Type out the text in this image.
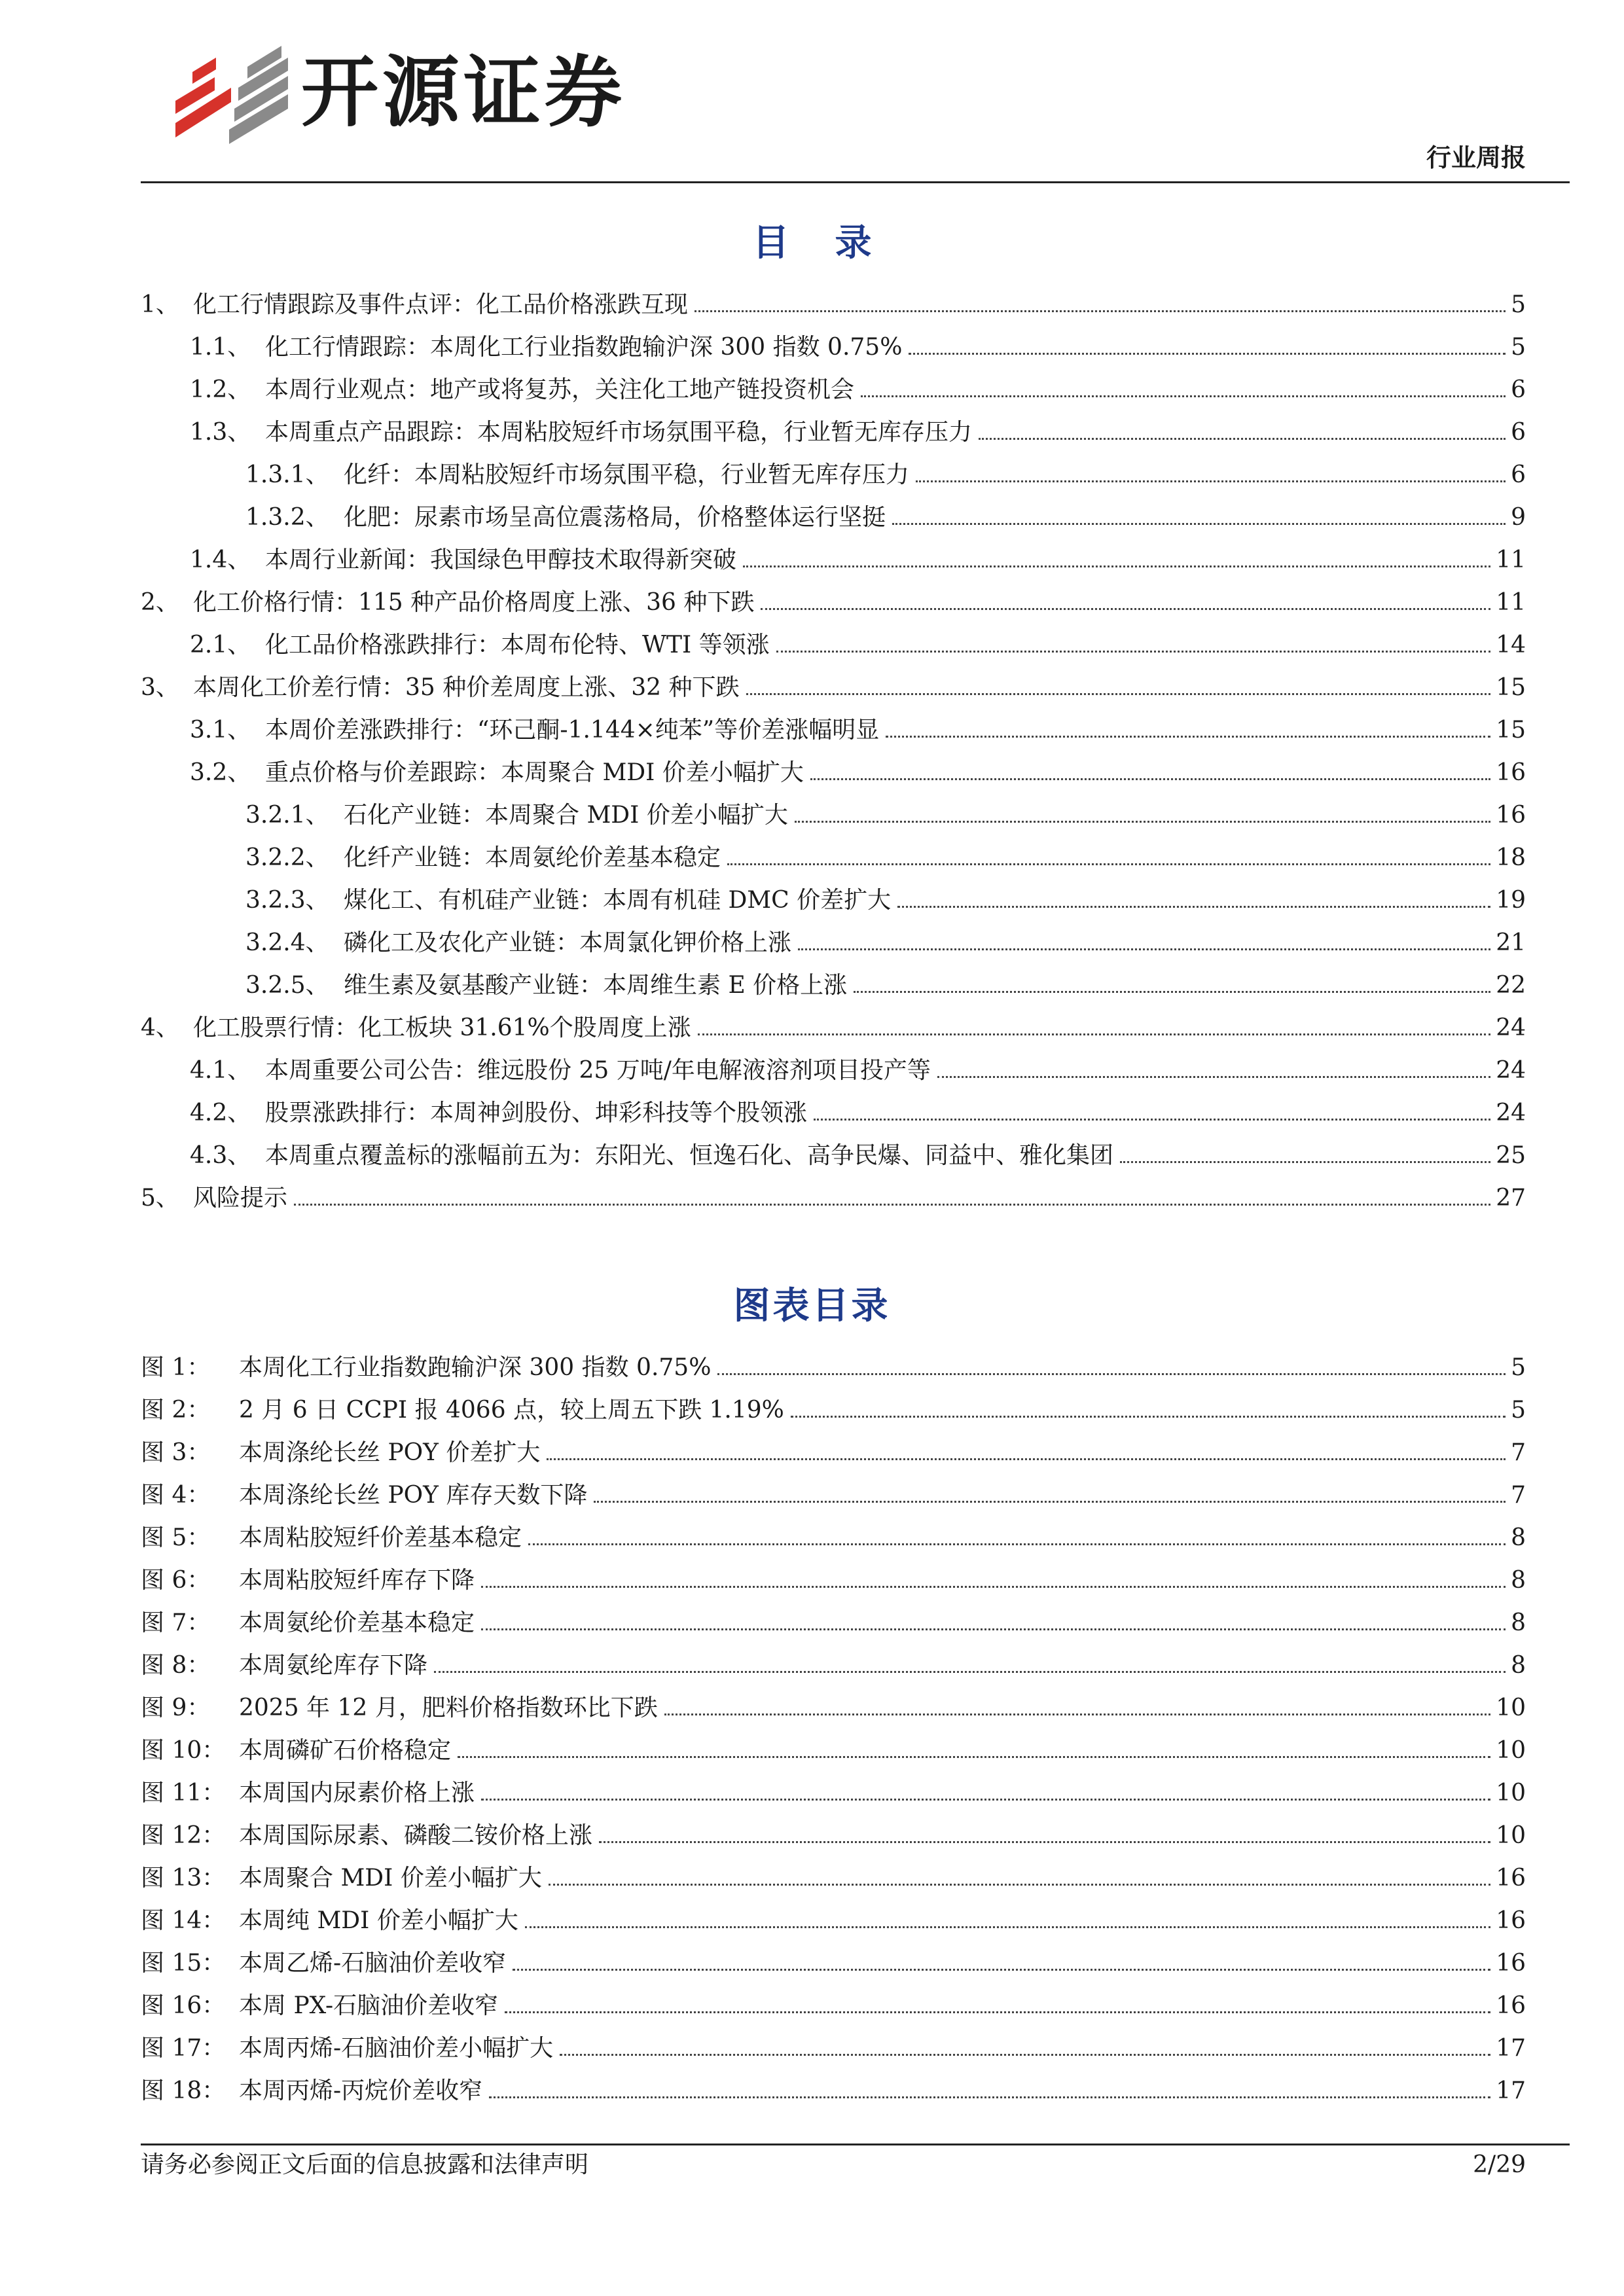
开源证券
行业周报
目录
1、 化工行情跟踪及事件点评：化工品价格涨跌互现	5
1.1、 化工行情跟踪：本周化工行业指数跑输沪深 300 指数 0.75%	5
1.2、 本周行业观点：地产或将复苏，关注化工地产链投资机会	6
1.3、 本周重点产品跟踪：本周粘胶短纤市场氛围平稳，行业暂无库存压力	6
1.3.1、 化纤：本周粘胶短纤市场氛围平稳，行业暂无库存压力	6
1.3.2、 化肥：尿素市场呈高位震荡格局，价格整体运行坚挺	9
1.4、 本周行业新闻：我国绿色甲醇技术取得新突破	11
2、 化工价格行情：115 种产品价格周度上涨、36 种下跌	11
2.1、 化工品价格涨跌排行：本周布伦特、WTI 等领涨	14
3、 本周化工价差行情：35 种价差周度上涨、32 种下跌	15
3.1、 本周价差涨跌排行：“环己酮-1.144×纯苯”等价差涨幅明显	15
3.2、 重点价格与价差跟踪：本周聚合 MDI 价差小幅扩大	16
3.2.1、 石化产业链：本周聚合 MDI 价差小幅扩大	16
3.2.2、 化纤产业链：本周氨纶价差基本稳定	18
3.2.3、 煤化工、有机硅产业链：本周有机硅 DMC 价差扩大	19
3.2.4、 磷化工及农化产业链：本周氯化钾价格上涨	21
3.2.5、 维生素及氨基酸产业链：本周维生素 E 价格上涨	22
4、 化工股票行情：化工板块 31.61%个股周度上涨	24
4.1、 本周重要公司公告：维远股份 25 万吨/年电解液溶剂项目投产等	24
4.2、 股票涨跌排行：本周神剑股份、坤彩科技等个股领涨	24
4.3、 本周重点覆盖标的涨幅前五为：东阳光、恒逸石化、高争民爆、同益中、雅化集团	25
5、 风险提示	27
图表目录
图 1：	本周化工行业指数跑输沪深 300 指数 0.75%	5
图 2：	2 月 6 日 CCPI 报 4066 点，较上周五下跌 1.19%	5
图 3：	本周涤纶长丝 POY 价差扩大	7
图 4：	本周涤纶长丝 POY 库存天数下降	7
图 5：	本周粘胶短纤价差基本稳定	8
图 6：	本周粘胶短纤库存下降	8
图 7：	本周氨纶价差基本稳定	8
图 8：	本周氨纶库存下降	8
图 9：	2025 年 12 月，肥料价格指数环比下跌	10
图 10： 本周磷矿石价格稳定	10
图 11： 本周国内尿素价格上涨	10
图 12： 本周国际尿素、磷酸二铵价格上涨	10
图 13： 本周聚合 MDI 价差小幅扩大	16
图 14： 本周纯 MDI 价差小幅扩大	16
图 15： 本周乙烯-石脑油价差收窄	16
图 16： 本周 PX-石脑油价差收窄	16
图 17： 本周丙烯-石脑油价差小幅扩大	17
图 18： 本周丙烯-丙烷价差收窄	17
请务必参阅正文后面的信息披露和法律声明	2/29
